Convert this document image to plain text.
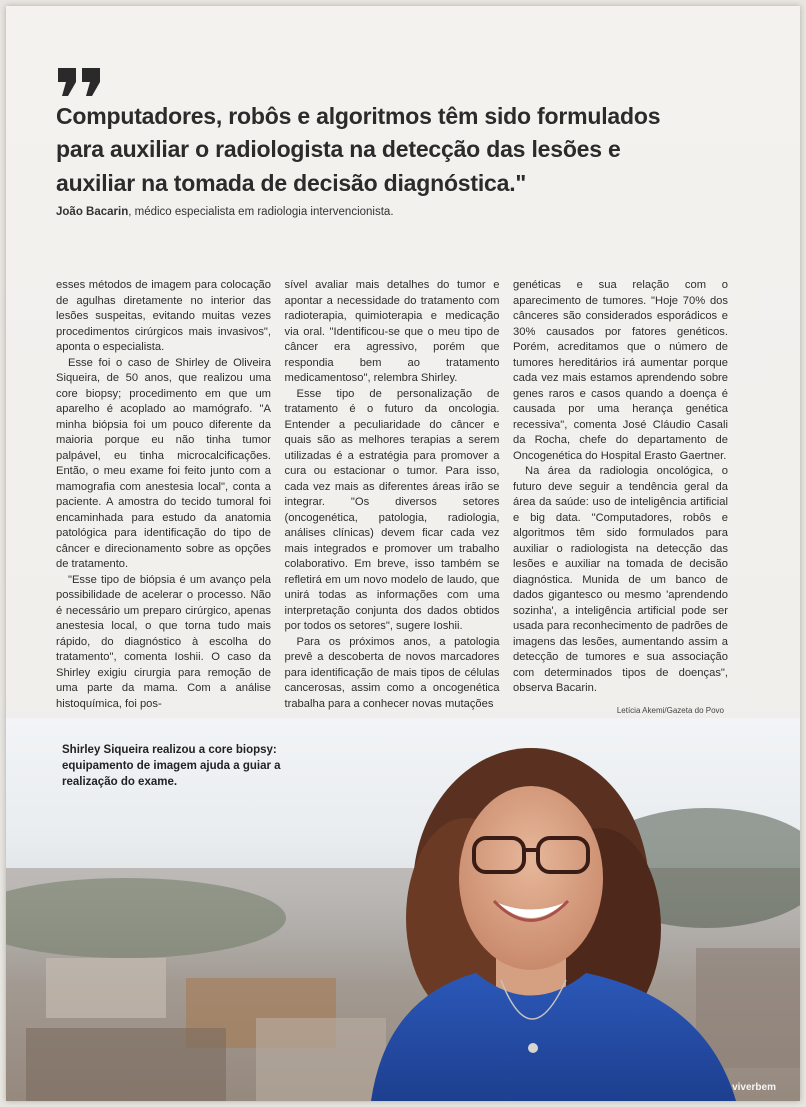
Computadores, robôs e algoritmos têm sido formulados para auxiliar o radiologista na detecção das lesões e auxiliar na tomada de decisão diagnóstica."
João Bacarin, médico especialista em radiologia intervencionista.

esses métodos de imagem para colocação de agulhas diretamente no interior das lesões suspeitas, evitando muitas vezes procedimentos cirúrgicos mais invasivos", aponta o especialista.

Esse foi o caso de Shirley de Oliveira Siqueira, de 50 anos, que realizou uma core biopsy; procedimento em que um aparelho é acoplado ao mamógrafo. "A minha biópsia foi um pouco diferente da maioria porque eu não tinha tumor palpável, eu tinha microcalcificações. Então, o meu exame foi feito junto com a mamografia com anestesia local", conta a paciente. A amostra do tecido tumoral foi encaminhada para estudo da anatomia patológica para identificação do tipo de câncer e direcionamento sobre as opções de tratamento.

"Esse tipo de biópsia é um avanço pela possibilidade de acelerar o processo. Não é necessário um preparo cirúrgico, apenas anestesia local, o que torna tudo mais rápido, do diagnóstico à escolha do tratamento", comenta Ioshii. O caso da Shirley exigiu cirurgia para remoção de uma parte da mama. Com a análise histoquímica, foi pos-

sível avaliar mais detalhes do tumor e apontar a necessidade do tratamento com radioterapia, quimioterapia e medicação via oral. "Identificou-se que o meu tipo de câncer era agressivo, porém que respondia bem ao tratamento medicamentoso", relembra Shirley.

Esse tipo de personalização de tratamento é o futuro da oncologia. Entender a peculiaridade do câncer e quais são as melhores terapias a serem utilizadas é a estratégia para promover a cura ou estacionar o tumor. Para isso, cada vez mais as diferentes áreas irão se integrar. "Os diversos setores (oncogenética, patologia, radiologia, análises clínicas) devem ficar cada vez mais integrados e promover um trabalho colaborativo. Em breve, isso também se refletirá em um novo modelo de laudo, que unirá todas as informações com uma interpretação conjunta dos dados obtidos por todos os setores", sugere Ioshii.

Para os próximos anos, a patologia prevê a descoberta de novos marcadores para identificação de mais tipos de células cancerosas, assim como a oncogenética trabalha para a conhecer novas mutações

genéticas e sua relação com o aparecimento de tumores. "Hoje 70% dos cânceres são considerados esporádicos e 30% causados por fatores genéticos. Porém, acreditamos que o número de tumores hereditários irá aumentar porque cada vez mais estamos aprendendo sobre genes raros e casos quando a doença é causada por uma herança genética recessiva", comenta José Cláudio Casali da Rocha, chefe do departamento de Oncogenética do Hospital Erasto Gaertner.

Na área da radiologia oncológica, o futuro deve seguir a tendência geral da área da saúde: uso de inteligência artificial e big data. "Computadores, robôs e algoritmos têm sido formulados para auxiliar o radiologista na detecção das lesões e auxiliar na tomada de decisão diagnóstica. Munida de um banco de dados gigantesco ou mesmo 'aprendendo sozinha', a inteligência artificial pode ser usada para reconhecimento de padrões de imagens das lesões, aumentando assim a detecção de tumores e sua associação com determinados tipos de doenças", observa Bacarin.

Letícia Akemi/Gazeta do Povo
Shirley Siqueira realizou a core biopsy: equipamento de imagem ajuda a guiar a realização do exame.
viverbem
